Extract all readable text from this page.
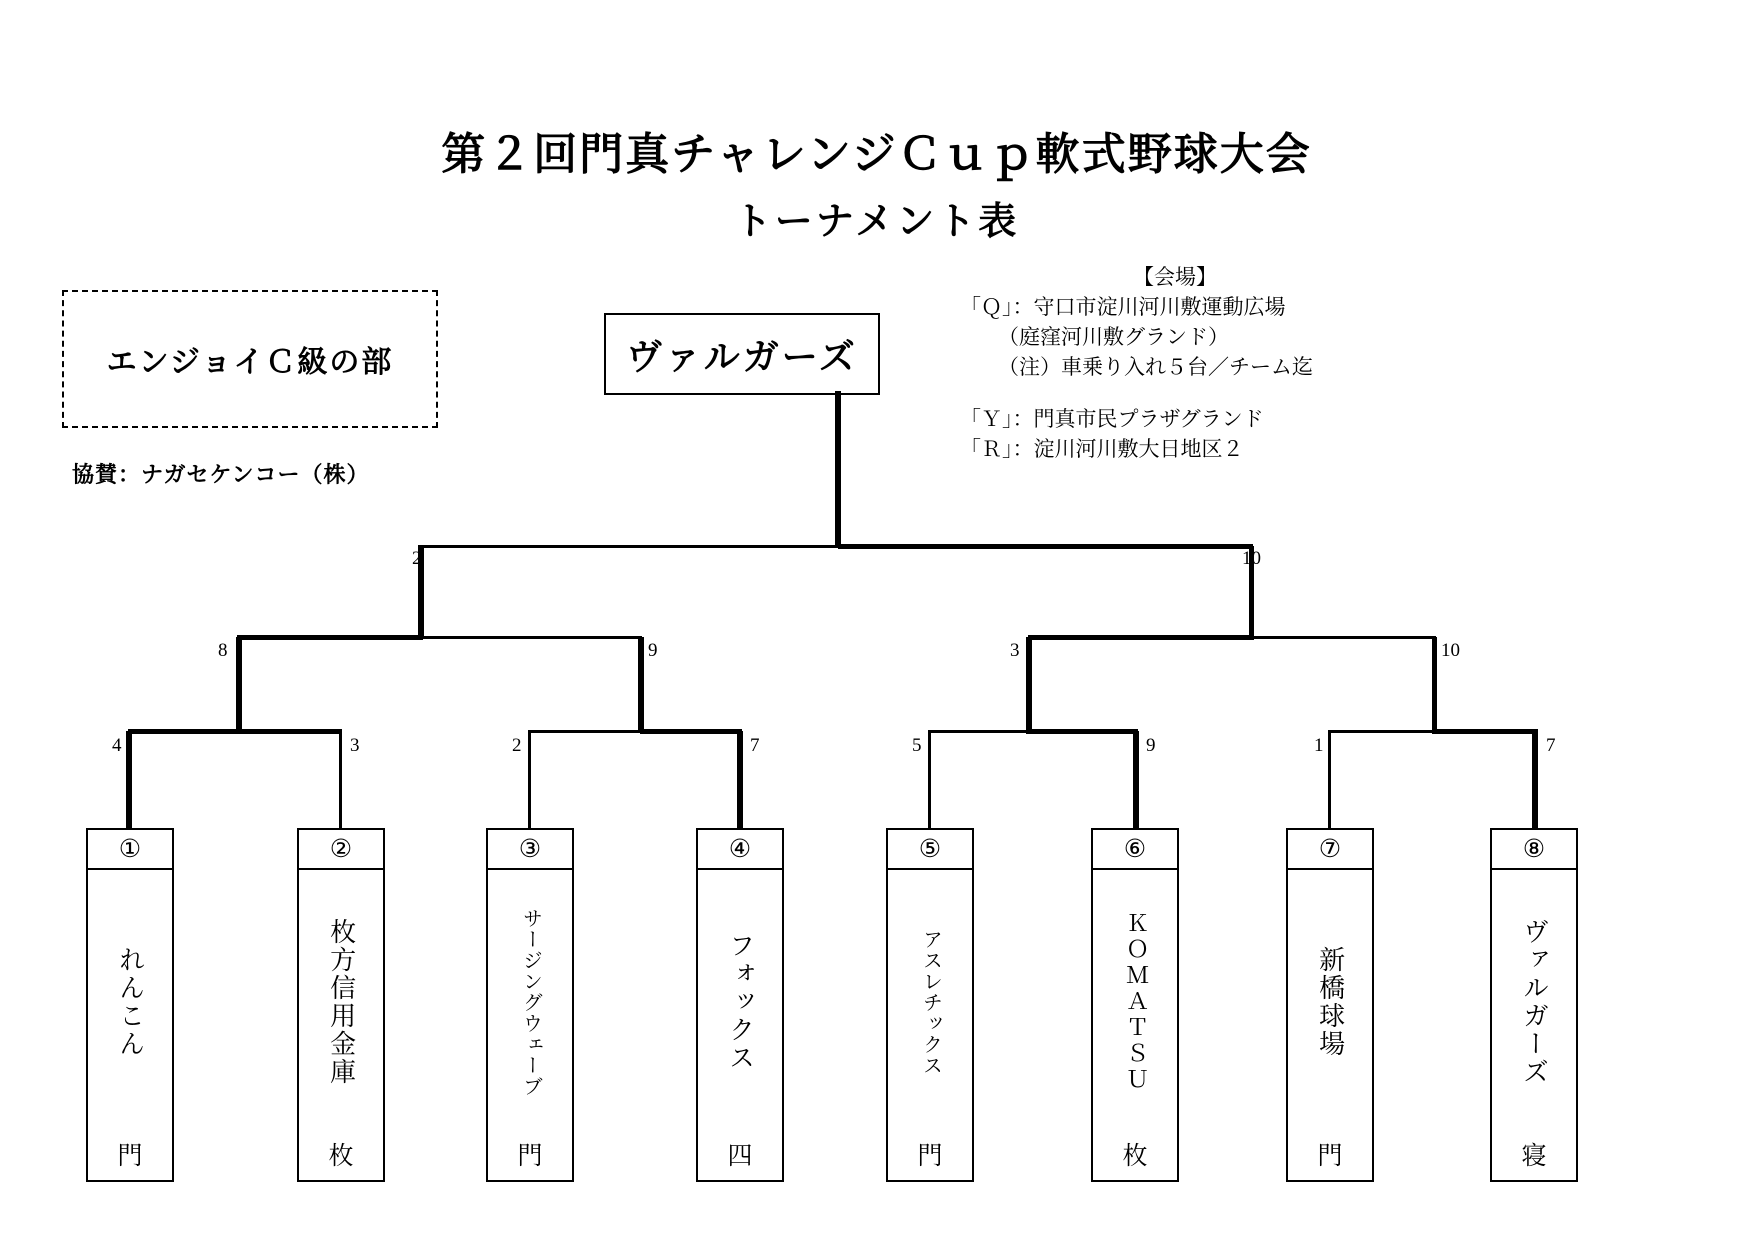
第２回門真チャレンジＣｕｐ軟式野球大会
トーナメント表
エンジョイＣ級の部
協賛：ナガセケンコー（株）
【会場】
「Ｑ」：守口市淀川河川敷運動広場
（庭窪河川敷グランド）
（注）車乗り入れ５台／チーム迄
「Ｙ」：門真市民プラザグランド
「Ｒ」：淀川河川敷大日地区２
ヴァルガーズ
2	10
8	9	3	10
4	3	2	7	5	9	1	7
①
れんこん
門
②
枚方信用金庫
枚
③
サージングウェーブ
門
④
フォックス
四
⑤
アスレチックス
門
⑥
ＫＯＭＡＴＳＵ
枚
⑦
新橋球場
門
⑧
ヴァルガーズ
寝
